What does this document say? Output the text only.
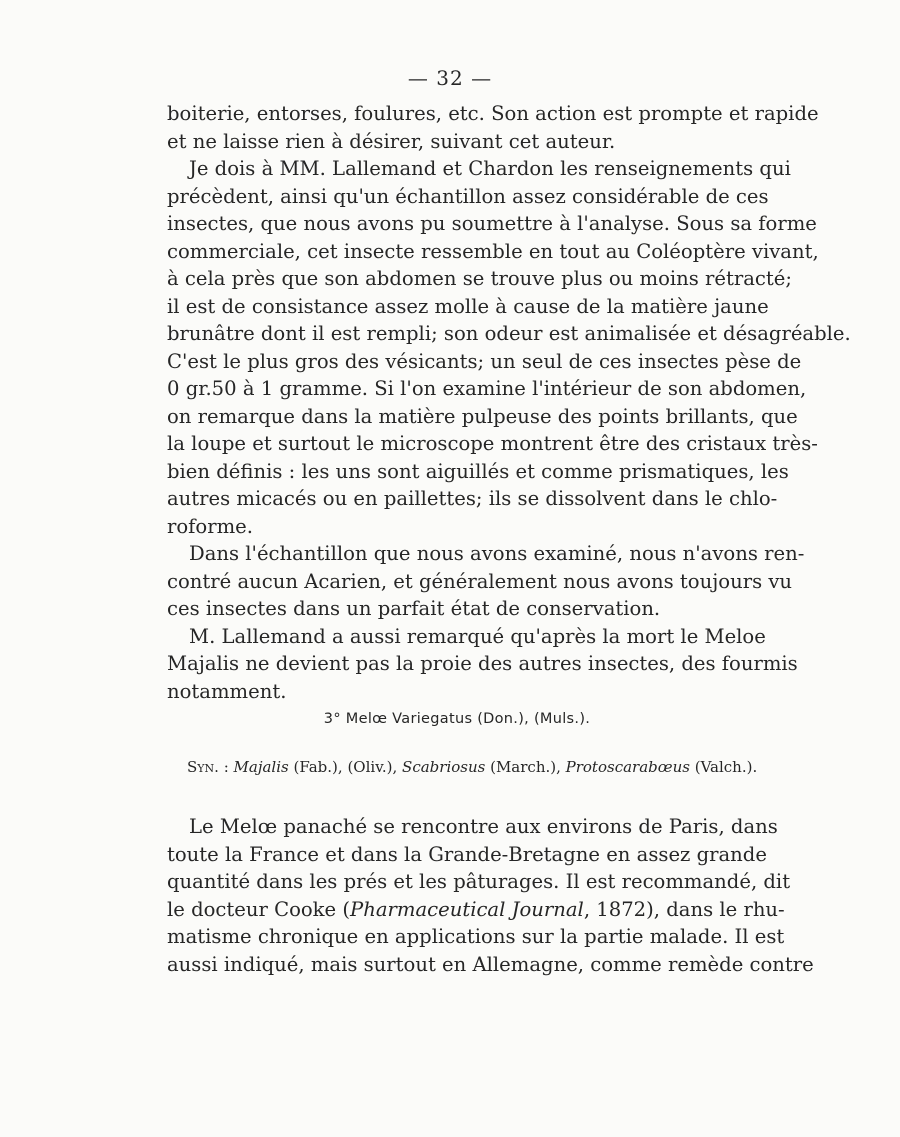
— 32 —
boiterie, entorses, foulures, etc. Son action est prompte et rapide
et ne laisse rien à désirer, suivant cet auteur.
Je dois à MM. Lallemand et Chardon les renseignements qui
précèdent, ainsi qu'un échantillon assez considérable de ces
insectes, que nous avons pu soumettre à l'analyse. Sous sa forme
commerciale, cet insecte ressemble en tout au Coléoptère vivant,
à cela près que son abdomen se trouve plus ou moins rétracté;
il est de consistance assez molle à cause de la matière jaune
brunâtre dont il est rempli; son odeur est animalisée et désagréable.
C'est le plus gros des vésicants; un seul de ces insectes pèse de
0 gr.50 à 1 gramme. Si l'on examine l'intérieur de son abdomen,
on remarque dans la matière pulpeuse des points brillants, que
la loupe et surtout le microscope montrent être des cristaux très-
bien définis : les uns sont aiguillés et comme prismatiques, les
autres micacés ou en paillettes; ils se dissolvent dans le chlo-
roforme.
Dans l'échantillon que nous avons examiné, nous n'avons ren-
contré aucun Acarien, et généralement nous avons toujours vu
ces insectes dans un parfait état de conservation.
M. Lallemand a aussi remarqué qu'après la mort le Meloe
Majalis ne devient pas la proie des autres insectes, des fourmis
notamment.
3° Melœ Variegatus (Don.), (Muls.).
Syn. : Majalis (Fab.), (Oliv.), Scabriosus (March.), Protoscarabœus (Valch.).
Le Melœ panaché se rencontre aux environs de Paris, dans
toute la France et dans la Grande-Bretagne en assez grande
quantité dans les prés et les pâturages. Il est recommandé, dit
le docteur Cooke (Pharmaceutical Journal, 1872), dans le rhu-
matisme chronique en applications sur la partie malade. Il est
aussi indiqué, mais surtout en Allemagne, comme remède contre
